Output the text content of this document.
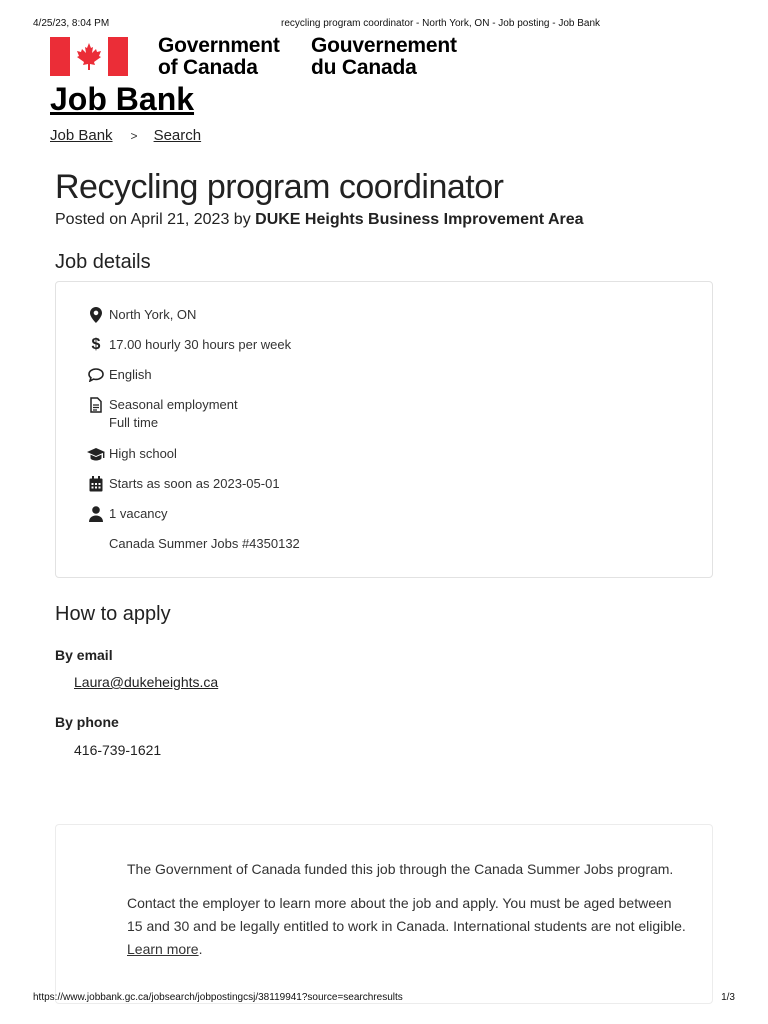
4/25/23, 8:04 PM	recycling program coordinator - North York, ON - Job posting - Job Bank
Government
of Canada
Gouvernement
du Canada
Job Bank
Job Bank > Search
Recycling program coordinator
Posted on April 21, 2023 by DUKE Heights Business Improvement Area
Job details
North York, ON
$ 17.00 hourly 30 hours per week
English
Seasonal employment
Full time
High school
Starts as soon as 2023-05-01
1 vacancy
Canada Summer Jobs #4350132
How to apply
By email
Laura@dukeheights.ca
By phone
416-739-1621

The Government of Canada funded this job through the Canada Summer Jobs program.

Contact the employer to learn more about the job and apply. You must be aged between 15 and 30 and be legally entitled to work in Canada. International students are not eligible. Learn more.

https://www.jobbank.gc.ca/jobsearch/jobpostingcsj/38119941?source=searchresults	1/3
